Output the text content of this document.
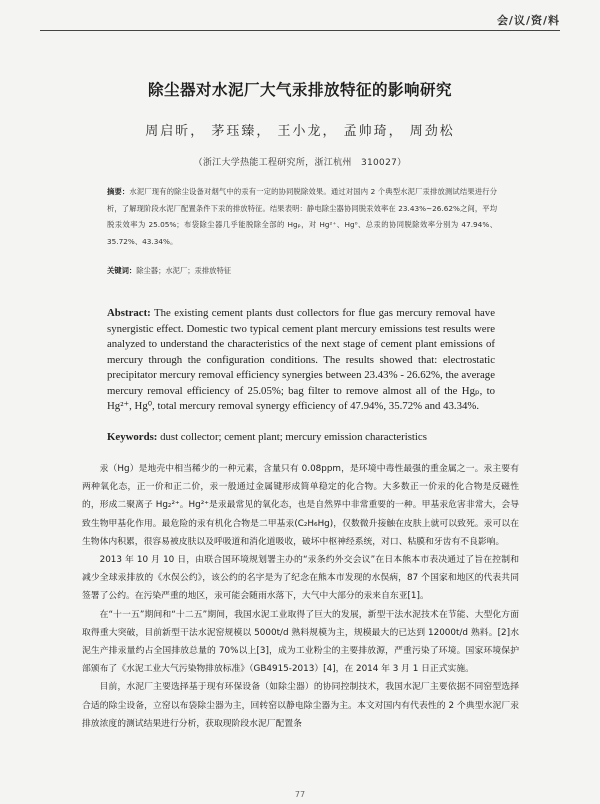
会/议/资/料
除尘器对水泥厂大气汞排放特征的影响研究
周启昕， 茅珏臻， 王小龙， 孟帅琦， 周劲松
（浙江大学热能工程研究所，浙江杭州　310027）
摘要：水泥厂现有的除尘设备对烟气中的汞有一定的协同脱除效果。通过对国内 2 个典型水泥厂汞排放测试结果进行分析，了解现阶段水泥厂配置条件下汞的排放特征。结果表明：静电除尘器协同脱汞效率在 23.43%~26.62%之间，平均脱汞效率为 25.05%；布袋除尘器几乎能脱除全部的 Hgₚ，对 Hg²⁺、Hg⁰、总汞的协同脱除效率分别为 47.94%、35.72%、43.34%。
关键词：除尘器；水泥厂；汞排放特征
Abstract: The existing cement plants dust collectors for flue gas mercury removal have synergistic effect. Domestic two typical cement plant mercury emissions test results were analyzed to understand the characteristics of the next stage of cement plant emissions of mercury through the configuration conditions. The results showed that: electrostatic precipitator mercury removal efficiency synergies between 23.43% - 26.62%, the average mercury removal efficiency of 25.05%; bag filter to remove almost all of the Hgₚ, to Hg²⁺, Hg⁰, total mercury removal synergy efficiency of 47.94%, 35.72% and 43.34%.
Keywords: dust collector; cement plant; mercury emission characteristics

汞（Hg）是地壳中相当稀少的一种元素，含量只有 0.08ppm，是环境中毒性最强的重金属之一。汞主要有两种氧化态，正一价和正二价，汞一般通过金属键形成简单稳定的化合物。大多数正一价汞的化合物是反磁性的，形成二聚离子 Hg₂²⁺。Hg²⁺是汞最常见的氧化态，也是自然界中非常重要的一种。甲基汞危害非常大，会导致生物甲基化作用。最危险的汞有机化合物是二甲基汞(C₂H₆Hg)，仅数微升接触在皮肤上就可以致死。汞可以在生物体内积累，很容易被皮肤以及呼吸道和消化道吸收，破坏中枢神经系统，对口、粘膜和牙齿有不良影响。

2013 年 10 月 10 日，由联合国环境规划署主办的“汞条约外交会议”在日本熊本市表决通过了旨在控制和减少全球汞排放的《水俣公约》，该公约的名字是为了纪念在熊本市发现的水俣病，87 个国家和地区的代表共同签署了公约。在污染严重的地区，汞可能会随雨水落下，大气中大部分的汞来自东亚[1]。

在“十一五”期间和“十二五”期间，我国水泥工业取得了巨大的发展，新型干法水泥技术在节能、大型化方面取得重大突破，目前新型干法水泥窑规模以 5000t/d 熟料规模为主，规模最大的已达到 12000t/d 熟料。[2]水泥生产排汞量约占全国排放总量的 70%以上[3]，成为工业粉尘的主要排放源，严重污染了环境。国家环境保护部颁布了《水泥工业大气污染物排放标准》（GB4915-2013）[4]，在 2014 年 3 月 1 日正式实施。

目前，水泥厂主要选择基于现有环保设备（如除尘器）的协同控制技术，我国水泥厂主要依据不同窑型选择合适的除尘设备，立窑以布袋除尘器为主，回转窑以静电除尘器为主。本文对国内有代表性的 2 个典型水泥厂汞排放浓度的测试结果进行分析，获取现阶段水泥厂配置条

77
